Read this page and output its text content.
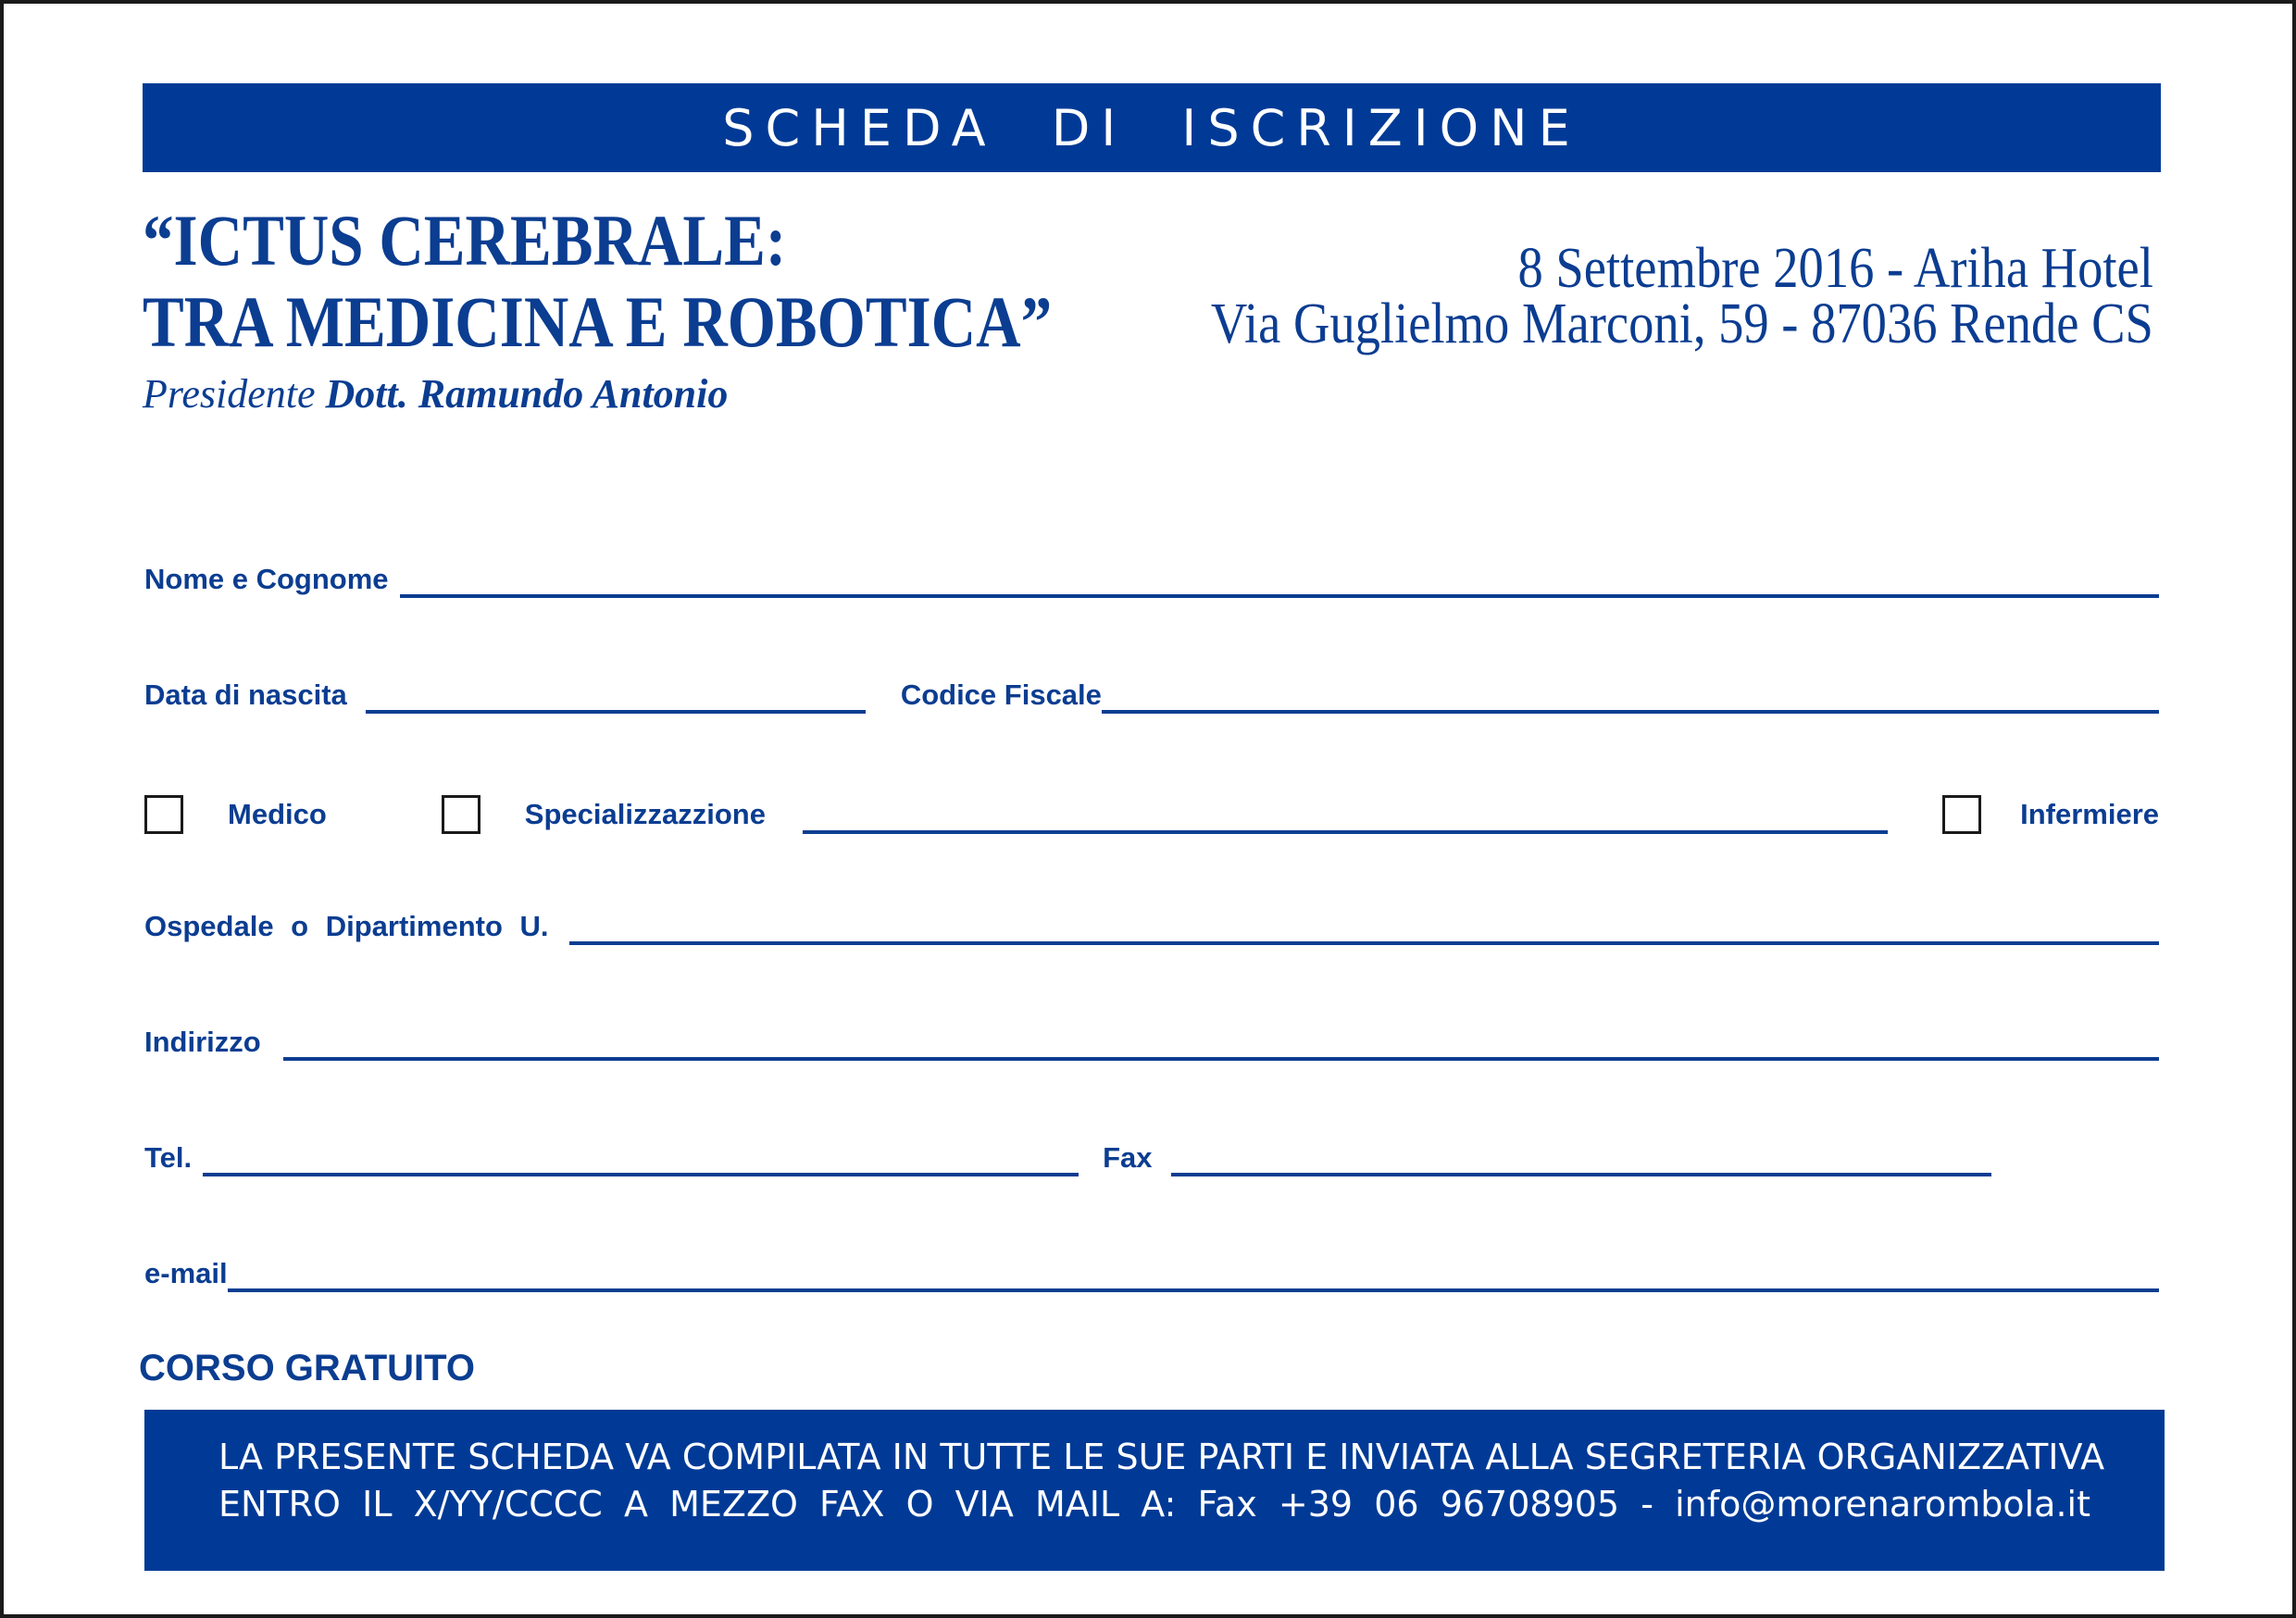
SCHEDA DI ISCRIZIONE
“ICTUS CEREBRALE:
TRA MEDICINA E ROBOTICA”
Presidente Dott. Ramundo Antonio
8 Settembre 2016 - Ariha Hotel
Via Guglielmo Marconi, 59 - 87036 Rende CS
Nome e Cognome
Data di nascita	Codice Fiscale
Medico	Specializzazzione	Infermiere
Ospedale o Dipartimento U.
Indirizzo
Tel.	Fax
e-mail
CORSO GRATUITO
LA PRESENTE SCHEDA VA COMPILATA IN TUTTE LE SUE PARTI E INVIATA ALLA SEGRETERIA ORGANIZZATIVA
ENTRO IL X/YY/CCCC A MEZZO FAX O VIA MAIL A: Fax +39 06 96708905 - info@morenarombola.it
